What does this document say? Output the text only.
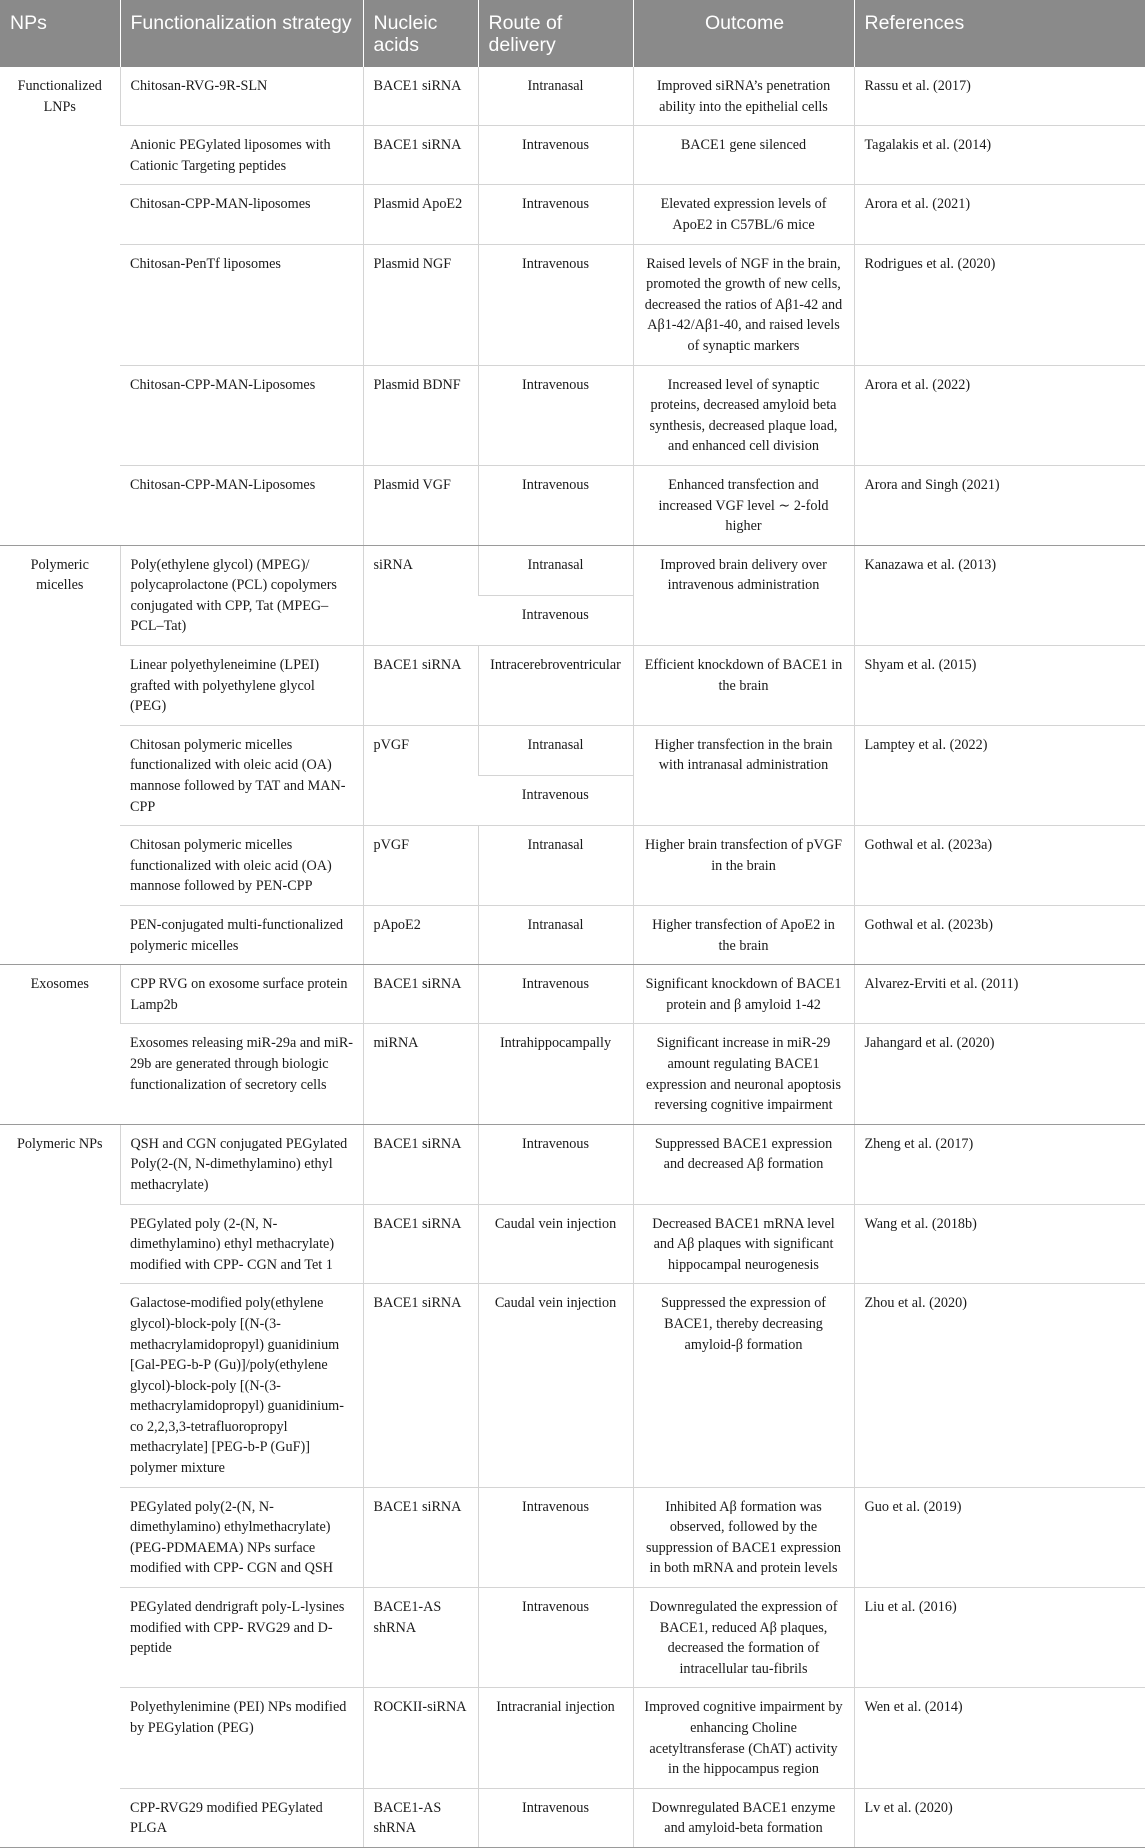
NPs	Functionalization strategy	Nucleic acids	Route of delivery	Outcome	References
Functionalized LNPs	Chitosan-RVG-9R-SLN	BACE1 siRNA	Intranasal	Improved siRNA’s penetration ability into the epithelial cells	Rassu et al. (2017)
	Anionic PEGylated liposomes with Cationic Targeting peptides	BACE1 siRNA	Intravenous	BACE1 gene silenced	Tagalakis et al. (2014)
	Chitosan-CPP-MAN-liposomes	Plasmid ApoE2	Intravenous	Elevated expression levels of ApoE2 in C57BL/6 mice	Arora et al. (2021)
	Chitosan-PenTf liposomes	Plasmid NGF	Intravenous	Raised levels of NGF in the brain, promoted the growth of new cells, decreased the ratios of Aβ1-42 and Aβ1-42/Aβ1-40, and raised levels of synaptic markers	Rodrigues et al. (2020)
	Chitosan-CPP-MAN-Liposomes	Plasmid BDNF	Intravenous	Increased level of synaptic proteins, decreased amyloid beta synthesis, decreased plaque load, and enhanced cell division	Arora et al. (2022)
	Chitosan-CPP-MAN-Liposomes	Plasmid VGF	Intravenous	Enhanced transfection and increased VGF level ∼ 2-fold higher	Arora and Singh (2021)
Polymeric micelles	Poly(ethylene glycol) (MPEG)/ polycaprolactone (PCL) copolymers conjugated with CPP, Tat (MPEG–PCL–Tat)	siRNA	Intranasal	Improved brain delivery over intravenous administration	Kanazawa et al. (2013)
			Intravenous		
	Linear polyethyleneimine (LPEI) grafted with polyethylene glycol (PEG)	BACE1 siRNA	Intracerebroventricular	Efficient knockdown of BACE1 in the brain	Shyam et al. (2015)
	Chitosan polymeric micelles functionalized with oleic acid (OA) mannose followed by TAT and MAN-CPP	pVGF	Intranasal	Higher transfection in the brain with intranasal administration	Lamptey et al. (2022)
			Intravenous		
	Chitosan polymeric micelles functionalized with oleic acid (OA) mannose followed by PEN-CPP	pVGF	Intranasal	Higher brain transfection of pVGF in the brain	Gothwal et al. (2023a)
	PEN-conjugated multi-functionalized polymeric micelles	pApoE2	Intranasal	Higher transfection of ApoE2 in the brain	Gothwal et al. (2023b)
Exosomes	CPP RVG on exosome surface protein Lamp2b	BACE1 siRNA	Intravenous	Significant knockdown of BACE1 protein and β amyloid 1-42	Alvarez-Erviti et al. (2011)
	Exosomes releasing miR-29a and miR-29b are generated through biologic functionalization of secretory cells	miRNA	Intrahippocampally	Significant increase in miR-29 amount regulating BACE1 expression and neuronal apoptosis reversing cognitive impairment	Jahangard et al. (2020)
Polymeric NPs	QSH and CGN conjugated PEGylated Poly(2-(N, N-dimethylamino) ethyl methacrylate)	BACE1 siRNA	Intravenous	Suppressed BACE1 expression and decreased Aβ formation	Zheng et al. (2017)
	PEGylated poly (2-(N, N-dimethylamino) ethyl methacrylate) modified with CPP- CGN and Tet 1	BACE1 siRNA	Caudal vein injection	Decreased BACE1 mRNA level and Aβ plaques with significant hippocampal neurogenesis	Wang et al. (2018b)
	Galactose-modified poly(ethylene glycol)-block-poly [(N-(3-methacrylamidopropyl) guanidinium [Gal-PEG-b-P (Gu)]/poly(ethylene glycol)-block-poly [(N-(3-methacrylamidopropyl) guanidinium-co 2,2,3,3-tetrafluoropropyl methacrylate] [PEG-b-P (GuF)] polymer mixture	BACE1 siRNA	Caudal vein injection	Suppressed the expression of BACE1, thereby decreasing amyloid-β formation	Zhou et al. (2020)
	PEGylated poly(2-(N, N-dimethylamino) ethylmethacrylate) (PEG-PDMAEMA) NPs surface modified with CPP- CGN and QSH	BACE1 siRNA	Intravenous	Inhibited Aβ formation was observed, followed by the suppression of BACE1 expression in both mRNA and protein levels	Guo et al. (2019)
	PEGylated dendrigraft poly-L-lysines modified with CPP- RVG29 and D-peptide	BACE1-AS shRNA	Intravenous	Downregulated the expression of BACE1, reduced Aβ plaques, decreased the formation of intracellular tau-fibrils	Liu et al. (2016)
	Polyethylenimine (PEI) NPs modified by PEGylation (PEG)	ROCKII-siRNA	Intracranial injection	Improved cognitive impairment by enhancing Choline acetyltransferase (ChAT) activity in the hippocampus region	Wen et al. (2014)
	CPP-RVG29 modified PEGylated PLGA	BACE1-AS shRNA	Intravenous	Downregulated BACE1 enzyme and amyloid-beta formation	Lv et al. (2020)
